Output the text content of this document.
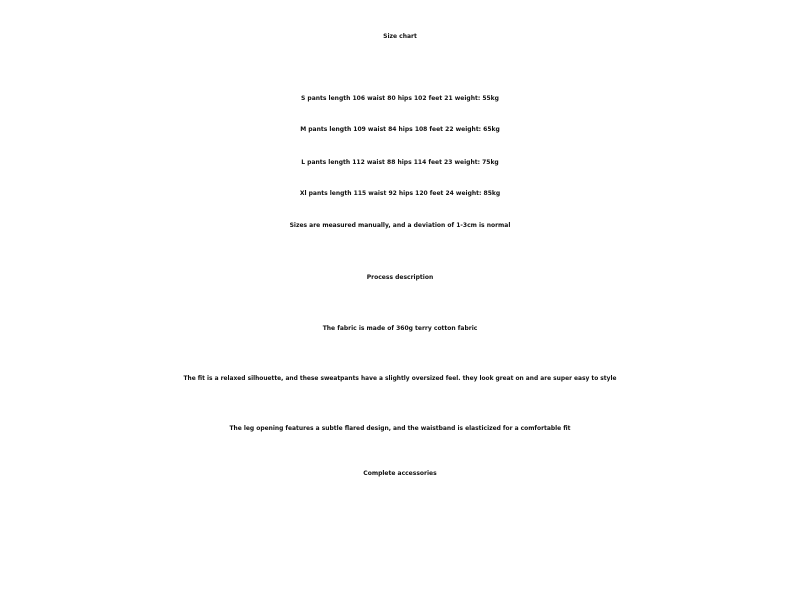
Size chart
S pants length 106 waist 80 hips 102 feet 21 weight: 55kg
M pants length 109 waist 84 hips 108 feet 22 weight: 65kg
L pants length 112 waist 88 hips 114 feet 23 weight: 75kg
Xl pants length 115 waist 92 hips 120 feet 24 weight: 85kg
Sizes are measured manually, and a deviation of 1-3cm is normal
Process description
The fabric is made of 360g terry cotton fabric
The fit is a relaxed silhouette, and these sweatpants have a slightly oversized feel. they look great on and are super easy to style
The leg opening features a subtle flared design, and the waistband is elasticized for a comfortable fit
Complete accessories
